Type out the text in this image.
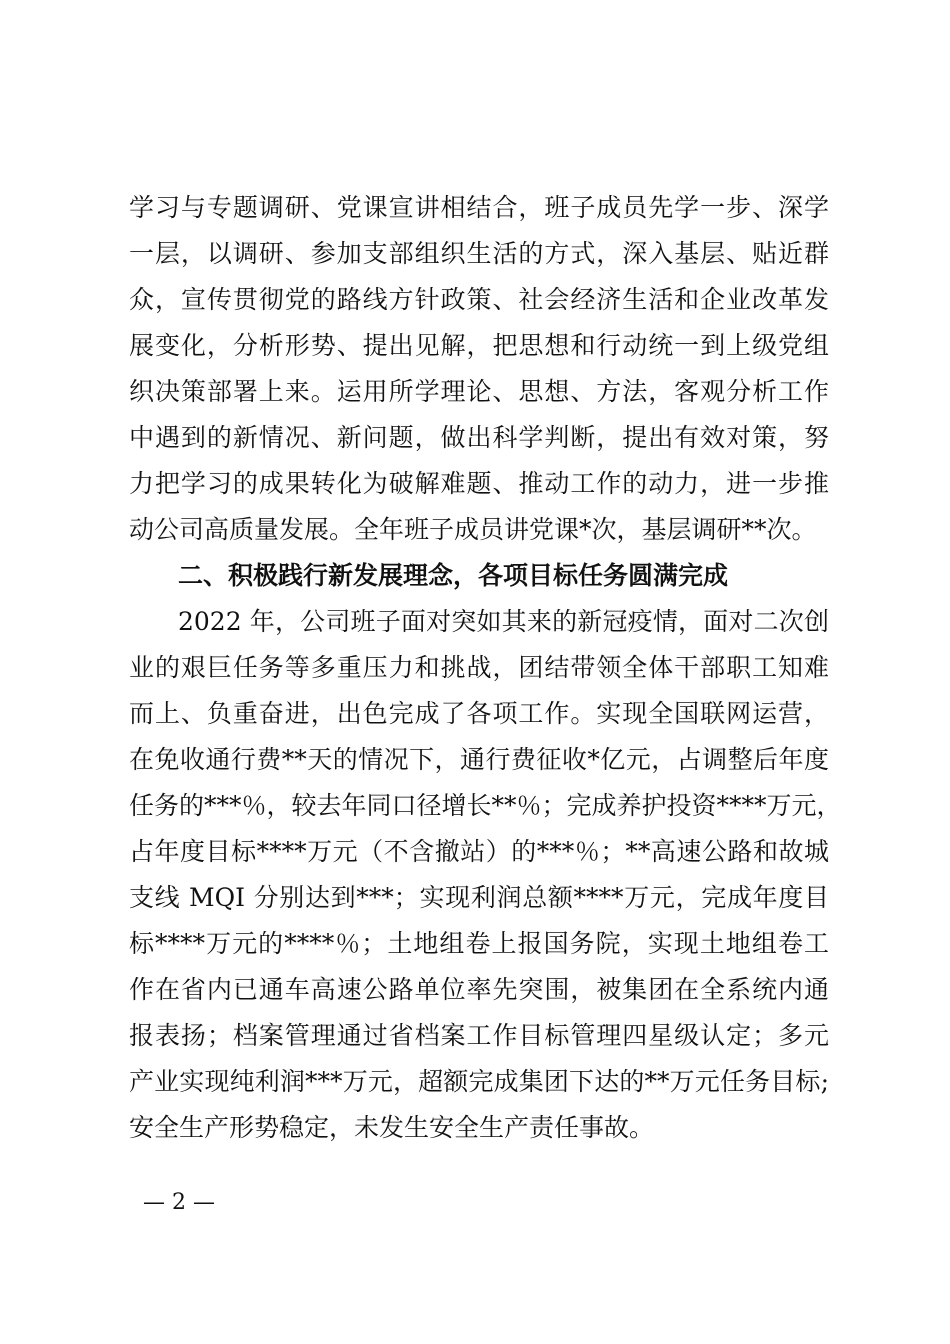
学习与专题调研、党课宣讲相结合，班子成员先学一步、深学
一层，以调研、参加支部组织生活的方式，深入基层、贴近群
众，宣传贯彻党的路线方针政策、社会经济生活和企业改革发
展变化，分析形势、提出见解，把思想和行动统一到上级党组
织决策部署上来。运用所学理论、思想、方法，客观分析工作
中遇到的新情况、新问题，做出科学判断，提出有效对策，努
力把学习的成果转化为破解难题、推动工作的动力，进一步推
动公司高质量发展。全年班子成员讲党课*次，基层调研**次。
二、积极践行新发展理念，各项目标任务圆满完成
2022 年，公司班子面对突如其来的新冠疫情，面对二次创
业的艰巨任务等多重压力和挑战，团结带领全体干部职工知难
而上、负重奋进，出色完成了各项工作。实现全国联网运营，
在免收通行费**天的情况下，通行费征收*亿元，占调整后年度
任务的***％，较去年同口径增长**％；完成养护投资****万元，
占年度目标****万元（不含撤站）的***％；**高速公路和故城
支线 MQI 分别达到***；实现利润总额****万元，完成年度目
标****万元的****％；土地组卷上报国务院，实现土地组卷工
作在省内已通车高速公路单位率先突围，被集团在全系统内通
报表扬；档案管理通过省档案工作目标管理四星级认定；多元
产业实现纯利润***万元，超额完成集团下达的**万元任务目标;
安全生产形势稳定，未发生安全生产责任事故。
— 2 —
